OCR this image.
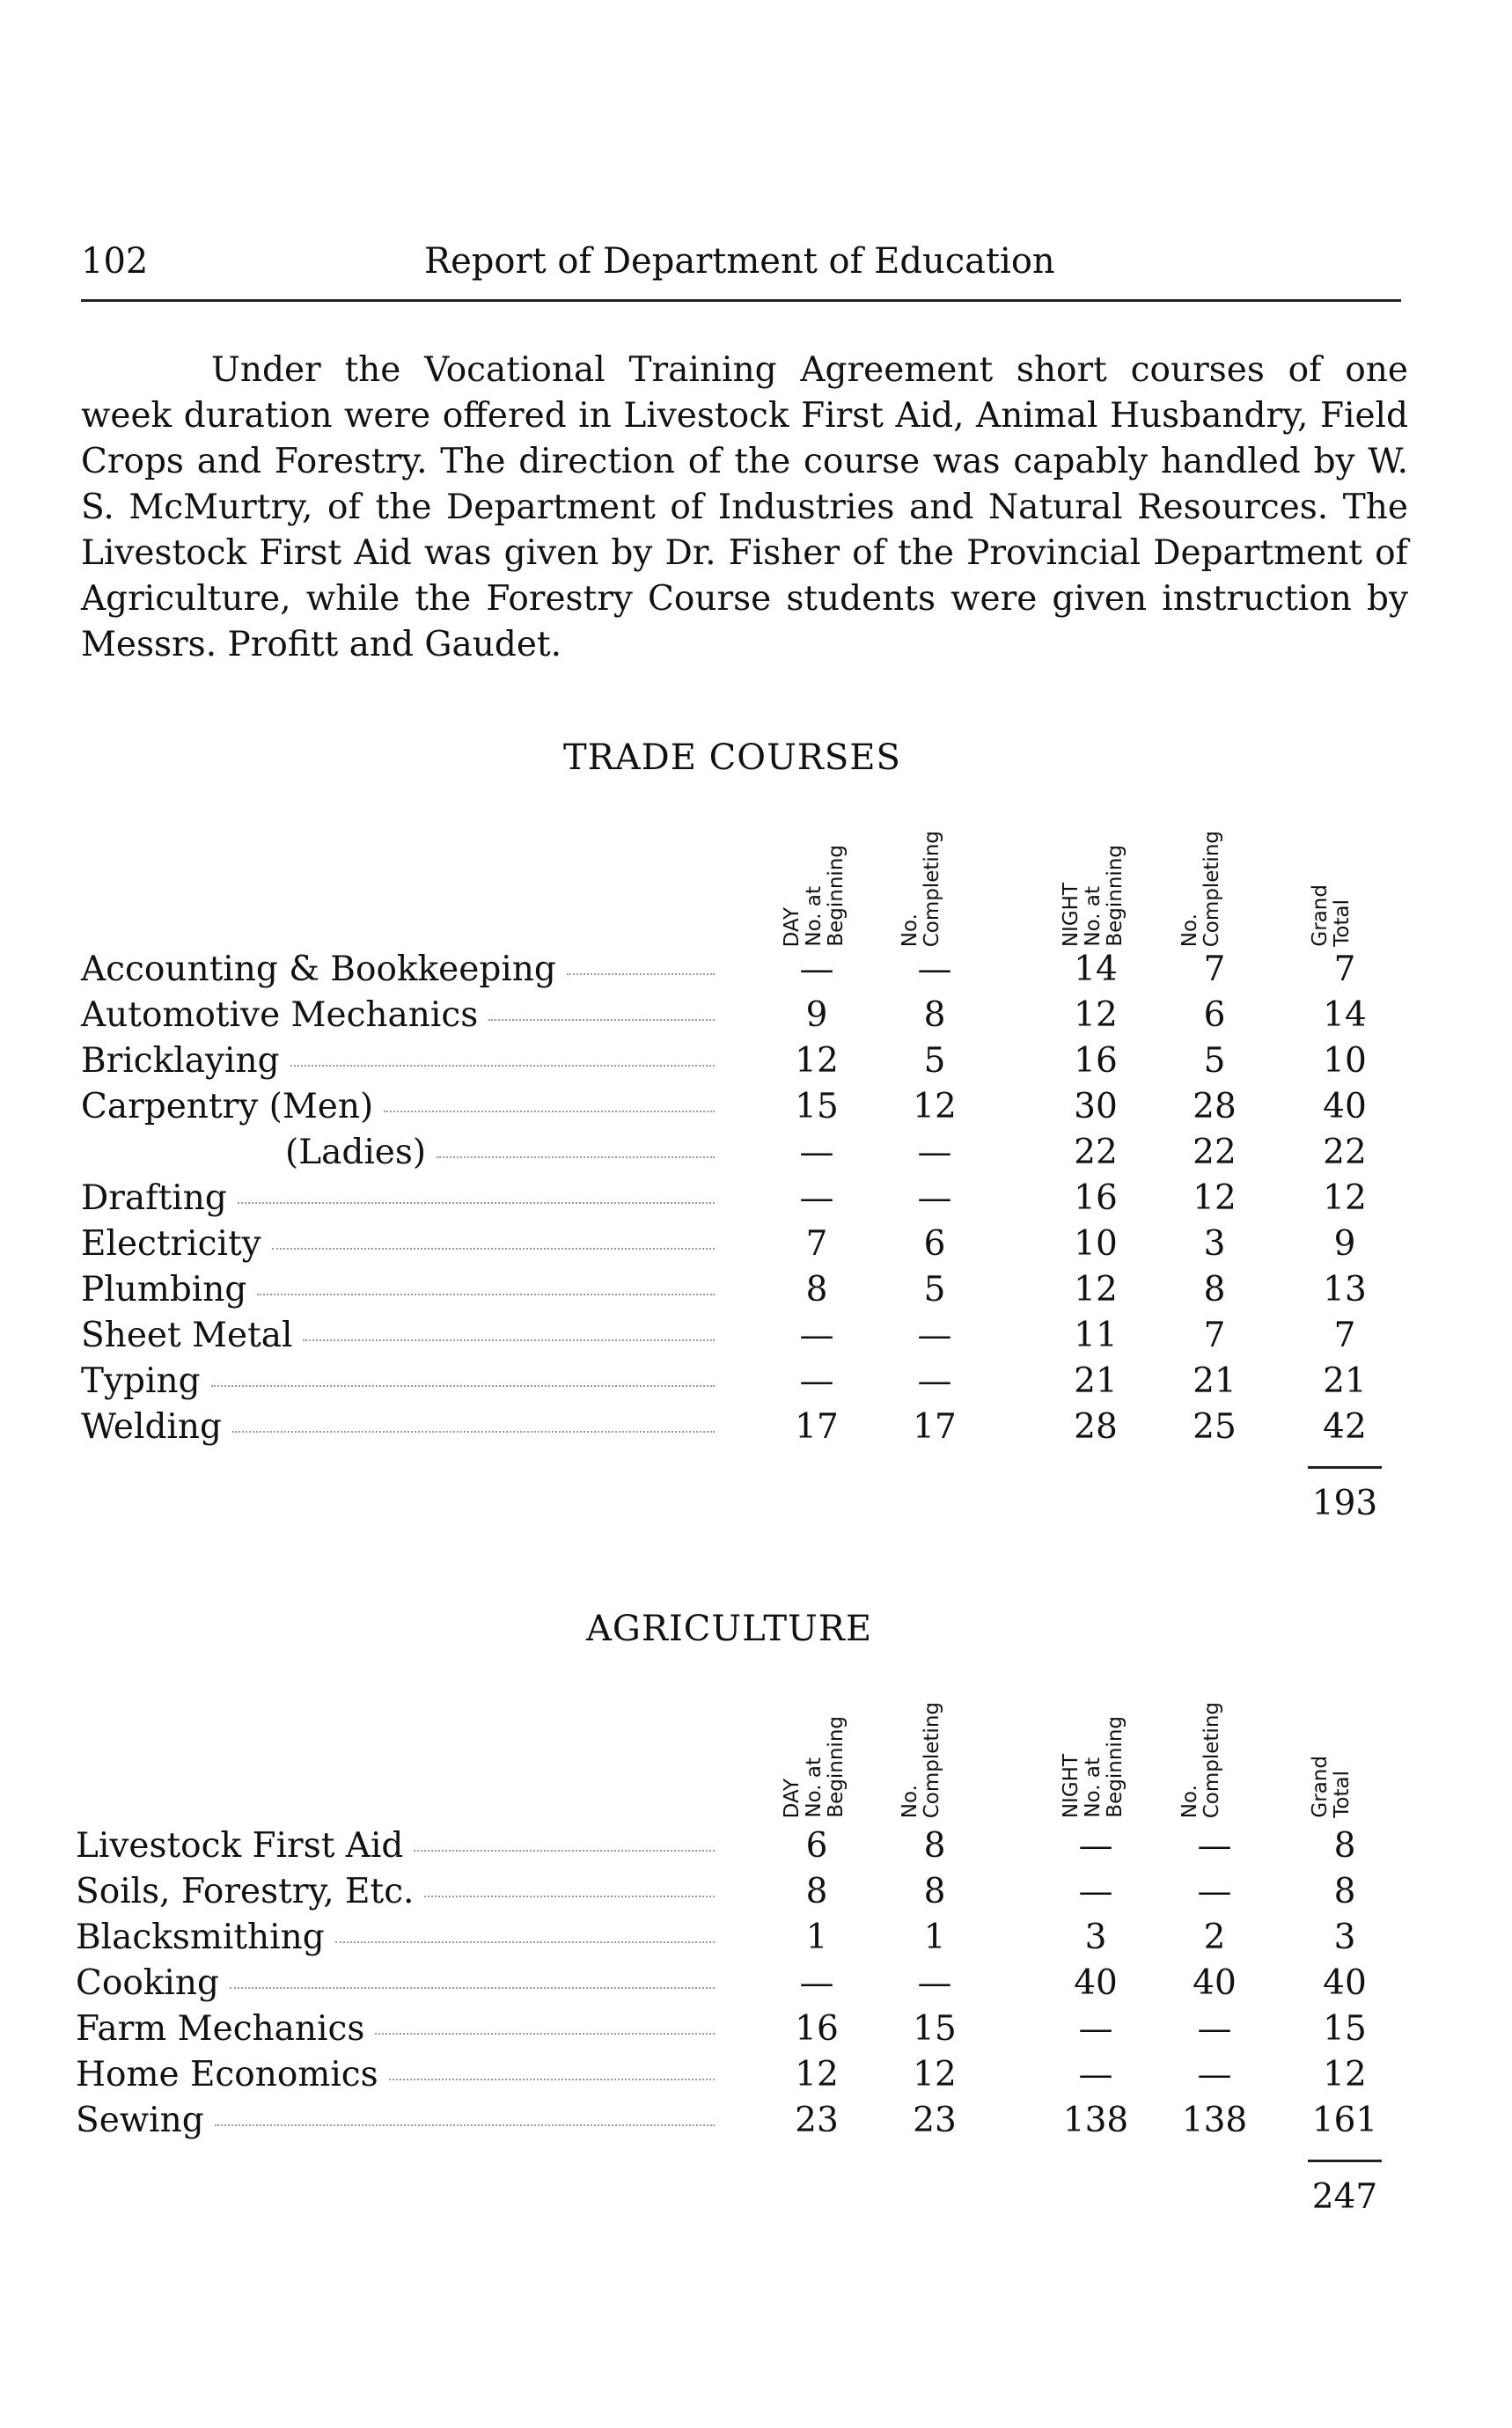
102	Report of Department of Education

Under the Vocational Training Agreement short courses of one week duration were offered in Livestock First Aid, Animal Husbandry, Field Crops and Forestry. The direction of the course was capably handled by W. S. McMurtry, of the Department of Industries and Natural Resources. The Livestock First Aid was given by Dr. Fisher of the Provincial Department of Agriculture, while the Forestry Course students were given instruction by Messrs. Profitt and Gaudet.

TRADE COURSES
DAY No. at Beginning	No. Completing	NIGHT No. at Beginning	No. Completing	Grand Total
Accounting & Bookkeeping	—	—	14	7	7
Automotive Mechanics	9	8	12	6	14
Bricklaying	12	5	16	5	10
Carpentry (Men)	15	12	30	28	40
(Ladies)	—	—	22	22	22
Drafting	—	—	16	12	12
Electricity	7	6	10	3	9
Plumbing	8	5	12	8	13
Sheet Metal	—	—	11	7	7
Typing	—	—	21	21	21
Welding	17	17	28	25	42
193
AGRICULTURE
DAY No. at Beginning	No. Completing	NIGHT No. at Beginning	No. Completing	Grand Total
Livestock First Aid	6	8	—	—	8
Soils, Forestry, Etc.	8	8	—	—	8
Blacksmithing	1	1	3	2	3
Cooking	—	—	40	40	40
Farm Mechanics	16	15	—	—	15
Home Economics	12	12	—	—	12
Sewing	23	23	138	138	161
247
